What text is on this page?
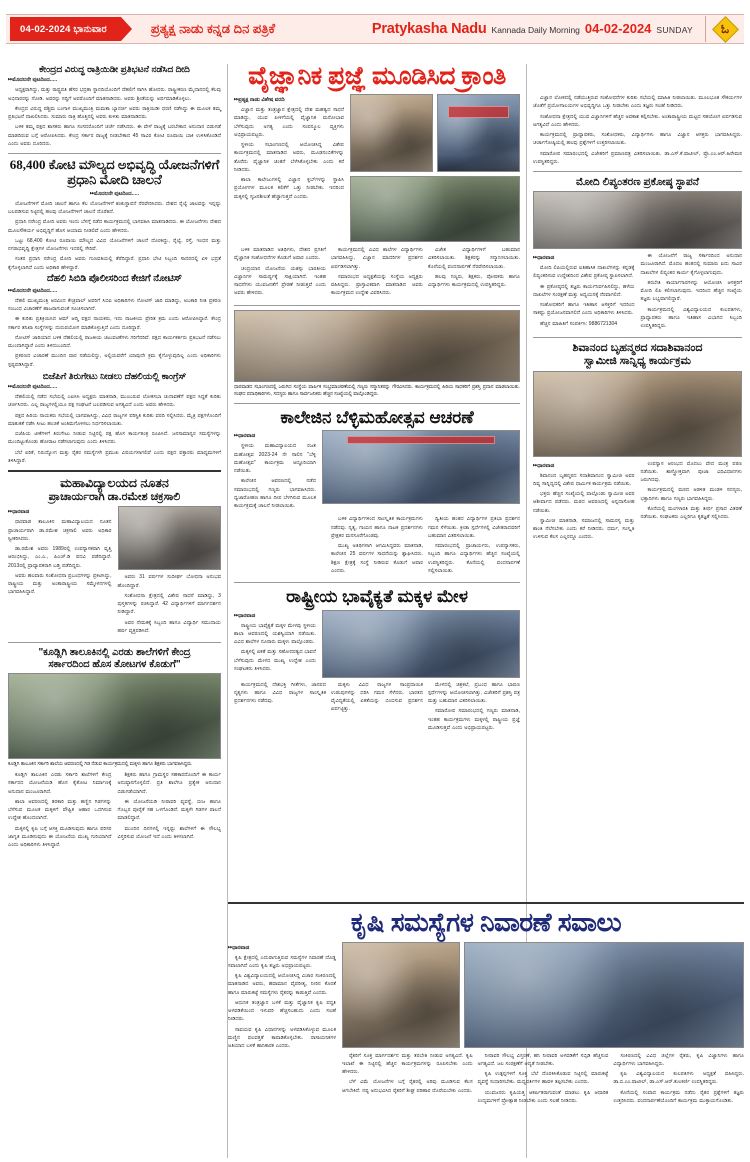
04-02-2024 ಭಾನುವಾರ	ಪ್ರತ್ಯಕ್ಷ ನಾಡು ಕನ್ನಡ ದಿನ ಪತ್ರಿಕೆ	Pratykasha Nadu Kannada Daily Morning 04-02-2024 SUNDAY ಓ
ಕೇಂದ್ರದ ವಿರುದ್ಧ ರಾತ್ರಿಯಿಡೀ ಪ್ರತಿಭಟನೆ ನಡೆಸಿದ ದೀದಿ
▸▸ ಮೊದಲನೇ ಪುಟದಿಂದ.....

ಅಧ್ಯಕ್ಷರಾಗಿದ್ದು, ಮತ್ತು ರಾಷ್ಟ್ರಪತಿ ಹೆಸರ ಭದ್ರತಾ ಸ್ಥಾನದಿಯೊಂದಿಗೆ ದೆಹಲಿಗೆ ಸಾಗಿಸಿ ಹೋದರು. ರಾಷ್ಟ್ರೀಕರಣ ಮೈದಾನದಲ್ಲಿ ಕೆಲವು ಅಭಿನಾರರನ್ನು ನೋಡಿ. ಅವರನ್ನು ಸದ್ದಿಗೆ ಅವರೊಂದಿಗೆ ಮಾತನಾಡಿದರು. ಅವರು ಶ್ರೀಡೆಯನ್ನು ಅರ್ಥಮಾಡಿಕೊಳ್ಳಲು.

ಕೇಂದ್ರದ ವಿರುದ್ಧ ಪಶ್ಚಿಮ ಬಂಗಾಳ ಮುಖ್ಯಮಂತ್ರಿ ಮಮತಾ ಬ್ಯಾನರ್ಜಿ ಅವರು ರಾತ್ರಿಯಿಡೀ ಧರಣಿ ನಡೆಸಿದ್ದು ಈ ಮೂಲಕ ತಮ್ಮ ಪ್ರತಿಭಟನೆ ದಾಖಲಿಸಿದರು. ಸುಮಾರು ರಾತ್ರಿ ಹೊತ್ತಿನಲ್ಲಿ ಅವರು ಕುಳಿತು ಮಾತನಾಡಿದರು.

ಬಳಿಕ ತಮ್ಮ ಪಕ್ಷದ ಶಾಸಕರು ಹಾಗೂ ಸಂಸದರೊಂದಿಗೆ ಚರ್ಚೆ ನಡೆಸಿದರು. ಈ ವೇಳೆ ರಾಜ್ಯಕ್ಕೆ ಬರಬೇಕಾದ ಅನುದಾನ ಬಿಡುಗಡೆ ಮಾಡದಿರುವ ಬಗ್ಗೆ ಆರೋಪಿಸಿದರು. ಕೇಂದ್ರ ಸರ್ಕಾರ ರಾಜ್ಯಕ್ಕೆ ನೀಡಬೇಕಾದ 45 ಸಾವಿರ ಕೋಟಿ ರೂಪಾಯಿ ಬಾಕಿ ಉಳಿಸಿಕೊಂಡಿದೆ ಎಂದು ಅವರು ದೂರಿದರು.

68,400 ಕೋಟಿ ಮೌಲ್ಯದ ಅಭಿವೃದ್ಧಿ ಯೋಜನೆಗಳಿಗೆ ಪ್ರಧಾನಿ ಮೋದಿ ಚಾಲನೆ
▸▸ ಮೊದಲನೇ ಪುಟದಿಂದ.....

ಯೋಜನೆಗಳಿಗೆ ಮೋದಿ ಚಾಲನೆ ಹಾಗೂ ಕೆಲ ಯೋಜನೆಗಳಿಗೆ ಶಂಕುಸ್ಥಾಪನೆ ನೆರವೇರಿಸಿದರು. ದೇಶದ ರೈಲ್ವೆ ಜಾಲವನ್ನು ಇನ್ನಷ್ಟು ಬಲಪಡಿಸುವ ನಿಟ್ಟಿನಲ್ಲಿ ಹಲವು ಯೋಜನೆಗಳಿಗೆ ಚಾಲನೆ ದೊರೆತಿದೆ.

ಪ್ರಧಾನಿ ನರೇಂದ್ರ ಮೋದಿ ಅವರು ಇಂದು ಬೆಳಗ್ಗೆ ನಡೆದ ಕಾರ್ಯಕ್ರಮದಲ್ಲಿ ಭಾಗವಹಿಸಿ ಮಾತನಾಡಿದರು. ಈ ಯೋಜನೆಗಳು ದೇಶದ ಮೂಲಸೌಕರ್ಯ ಅಭಿವೃದ್ಧಿಗೆ ಹೊಸ ಆಯಾಮ ನೀಡಲಿವೆ ಎಂದು ಹೇಳಿದರು.

ಒಟ್ಟು 68,400 ಕೋಟಿ ರೂಪಾಯಿ ಮೌಲ್ಯದ ವಿವಿಧ ಯೋಜನೆಗಳಿಗೆ ಚಾಲನೆ ದೊರಕಿದ್ದು, ರೈಲ್ವೆ, ರಸ್ತೆ, ಇಂಧನ ಮತ್ತು ನಗರಾಭಿವೃದ್ಧಿ ಕ್ಷೇತ್ರಗಳ ಯೋಜನೆಗಳು ಇದರಲ್ಲಿ ಸೇರಿವೆ.

ಸಂತರ ಪ್ರಧಾನಿ ನರೇಂದ್ರ ಮೋದಿ ಅವರು ಗುಣವತಿಯಲ್ಲಿ ತೆರೆದಿದ್ದಾರೆ. ಪ್ರಧಾನಿ ಭೇಟಿ ಸಿಬ್ಬಂದಿ ಸಾದರದಲ್ಲಿ ಏಳಿ ಭದ್ರತೆ ಕೈಗೊಳ್ಳಲಾಗಿದೆ ಎಂದು ಅಧಿಕಾರಿ ಹೇಳಿದ್ದಾರೆ.

ದೆಹಲಿ ಸಿಬಿಡಿ ಪೊಲೀಸರಿಂದ ಕೇಜಿಗೆ ನೋಟಿಸ್
▸▸ ಮೊದಲನೇ ಪುಟದಿಂದ.....

ದೆಹಲಿ ಮುಖ್ಯಮಂತ್ರಿ ಅರವಿಂದ ಕೇಜ್ರಿವಾಲ್ ಅವರಿಗೆ ಸಿಬಿಐ ಅಧಿಕಾರಿಗಳು ನೋಟಿಸ್ ಜಾರಿ ಮಾಡಿದ್ದು, ಅಬಕಾರಿ ನೀತಿ ಪ್ರಕರಣ ಸಂಬಂಧ ವಿಚಾರಣೆಗೆ ಹಾಜರಾಗುವಂತೆ ಸೂಚಿಸಲಾಗಿದೆ.

ಈ ಕುರಿತು ಪ್ರತಿಕ್ರಿಯಿಸಿದ ಆಮ್ ಆದ್ಮಿ ಪಕ್ಷದ ನಾಯಕರು, ಇದು ರಾಜಕೀಯ ಪ್ರೇರಿತ ಕ್ರಮ ಎಂದು ಆರೋಪಿಸಿದ್ದಾರೆ. ಕೇಂದ್ರ ಸರ್ಕಾರ ತನಿಖಾ ಸಂಸ್ಥೆಗಳನ್ನು ದುರುಪಯೋಗ ಮಾಡಿಕೊಳ್ಳುತ್ತಿದೆ ಎಂದು ದೂರಿದ್ದಾರೆ.

ನೋಟಿಸ್ ಜಾರಿಯಾದ ಬಳಿಕ ದೆಹಲಿಯಲ್ಲಿ ರಾಜಕೀಯ ಚಟುವಟಿಕೆಗಳು ಗರಿಗೆದರಿವೆ. ಪಕ್ಷದ ಕಾರ್ಯಕರ್ತರು ಪ್ರತಿಭಟನೆ ನಡೆಸಲು ಮುಂದಾಗಿದ್ದಾರೆ ಎಂದು ತಿಳಿದುಬಂದಿದೆ.

ಪ್ರಕರಣದ ವಿಚಾರಣೆ ಮುಂದಿನ ವಾರ ನಡೆಯಲಿದ್ದು, ಅಲ್ಲಿಯವರೆಗೆ ಯಾವುದೇ ಕ್ರಮ ಕೈಗೊಳ್ಳುವುದಿಲ್ಲ ಎಂದು ಅಧಿಕಾರಿಗಳು ಸ್ಪಷ್ಟಪಡಿಸಿದ್ದಾರೆ.

ಬಿಜೆಪಿಗೆ ತಿರುಗೇಟು ನೀಡಲು ದೆಹಲಿಯಲ್ಲಿ ಕಾಂಗ್ರೆಸ್
▸▸ ಮೊದಲನೇ ಪುಟದಿಂದ.....

ದೆಹಲಿಯಲ್ಲಿ ನಡೆದ ಸಭೆಯಲ್ಲಿ ಎಐಸಿಸಿ ಅಧ್ಯಕ್ಷರು ಮಾತನಾಡಿ, ಮುಂಬರುವ ಲೋಕಸಭಾ ಚುನಾವಣೆಗೆ ಪಕ್ಷದ ಸಿದ್ಧತೆ ಕುರಿತು ಚರ್ಚಿಸಿದರು. ಎಲ್ಲ ರಾಜ್ಯಗಳಲ್ಲಿಯೂ ಪಕ್ಷ ಸಂಘಟನೆ ಬಲಪಡಿಸುವ ಅಗತ್ಯವಿದೆ ಎಂದು ಅವರು ಹೇಳಿದರು.

ಪಕ್ಷದ ಹಿರಿಯ ನಾಯಕರು ಸಭೆಯಲ್ಲಿ ಭಾಗವಹಿಸಿದ್ದು, ವಿವಿಧ ರಾಜ್ಯಗಳ ಪರಿಸ್ಥಿತಿ ಕುರಿತು ವರದಿ ಸಲ್ಲಿಸಿದರು. ಮೈತ್ರಿ ಪಕ್ಷಗಳೊಂದಿಗೆ ಮಾತುಕತೆ ನಡೆಸಿ ಸೀಟು ಹಂಚಿಕೆ ಅಂತಿಮಗೊಳಿಸಲು ನಿರ್ಧರಿಸಲಾಯಿತು.

ಬಿಜೆಪಿಯ ಟೀಕೆಗಳಿಗೆ ತಿರುಗೇಟು ನೀಡುವ ನಿಟ್ಟಿನಲ್ಲಿ ಪಕ್ಷ ಹೊಸ ಕಾರ್ಯತಂತ್ರ ರೂಪಿಸಿದೆ. ಜನಸಾಮಾನ್ಯರ ಸಮಸ್ಯೆಗಳನ್ನು ಮುಂದಿಟ್ಟುಕೊಂಡು ಹೋರಾಟ ನಡೆಸಲಾಗುವುದು ಎಂದು ತಿಳಿಸಿದರು.

ಬೆಲೆ ಏರಿಕೆ, ನಿರುದ್ಯೋಗ ಮತ್ತು ರೈತರ ಸಮಸ್ಯೆಗಳೇ ಪ್ರಮುಖ ವಿಷಯಗಳಾಗಲಿವೆ ಎಂದು ಪಕ್ಷದ ವಕ್ತಾರರು ಮಾಧ್ಯಮಗಳಿಗೆ ತಿಳಿಸಿದ್ದಾರೆ.

ಮಹಾವಿದ್ಯಾಲಯದ ನೂತನ
ಪ್ರಾಚಾರ್ಯರಾಗಿ ಡಾ.ರಮೇಶ ಚಕ್ರಸಾಲಿ
▸▸ ಧಾರವಾಡ

ಧಾರವಾಡ ತಾಲೂಕಿನ ಮಹಾವಿದ್ಯಾಲಯದ ನೂತನ ಪ್ರಾಚಾರ್ಯರಾಗಿ ಡಾ.ರಮೇಶ ಚಕ್ರಸಾಲಿ ಅವರು ಅಧಿಕಾರ ಸ್ವೀಕರಿಸಿದರು.

ಡಾ.ರಮೇಶ ಅವರು 1989ರಲ್ಲಿ ಉಪನ್ಯಾಸಕರಾಗಿ ವೃತ್ತಿ ಆರಂಭಿಸಿದ್ದು, ಎಂ.ಎ., ಪಿಎಚ್.ಡಿ ಪದವಿ ಪಡೆದಿದ್ದಾರೆ. 2013ರಲ್ಲಿ ಪ್ರಾಧ್ಯಾಪಕರಾಗಿ ಬಡ್ತಿ ಪಡೆದಿದ್ದರು.

ಅವರು ಹಲವಾರು ಸಂಶೋಧನಾ ಪ್ರಬಂಧಗಳನ್ನು ಪ್ರಕಟಿಸಿದ್ದು, ರಾಷ್ಟ್ರೀಯ ಮತ್ತು ಅಂತಾರಾಷ್ಟ್ರೀಯ ಸಮ್ಮೇಳನಗಳಲ್ಲಿ ಭಾಗವಹಿಸಿದ್ದಾರೆ.

ಅವರು 31 ವರ್ಷಗಳ ಸುದೀರ್ಘ ಬೋಧನಾ ಅನುಭವ ಹೊಂದಿದ್ದಾರೆ.

ಸಂಶೋಧನಾ ಕ್ಷೇತ್ರದಲ್ಲಿ ವಿಶೇಷ ಸಾಧನೆ ಮಾಡಿದ್ದು, 3 ಪುಸ್ತಕಗಳನ್ನು ರಚಿಸಿದ್ದಾರೆ. 42 ವಿದ್ಯಾರ್ಥಿಗಳಿಗೆ ಮಾರ್ಗದರ್ಶನ ನೀಡಿದ್ದಾರೆ.

ಅವರ ನೇಮಕಕ್ಕೆ ಸಿಬ್ಬಂದಿ ಹಾಗೂ ವಿದ್ಯಾರ್ಥಿ ಸಮುದಾಯ ಹರ್ಷ ವ್ಯಕ್ತಪಡಿಸಿದೆ.

"ಕೂಡ್ಲಿಗಿ ತಾಲೂಕಿನಲ್ಲಿ ಎರಡು ಶಾಲೆಗಳಿಗೆ ಕೇಂದ್ರ
ಸರ್ಕಾರದಿಂದ ಹೊಸ ತೋಟಗಳ ಕೊಡುಗೆ"
ಕೂಡ್ಲಿಗಿ ತಾಲೂಕಿನ ಸರ್ಕಾರಿ ಶಾಲೆಯ ಆವರಣದಲ್ಲಿ ಗಿಡ ನೆಡುವ ಕಾರ್ಯಕ್ರಮದಲ್ಲಿ ಮಕ್ಕಳು ಹಾಗೂ ಶಿಕ್ಷಕರು ಭಾಗವಹಿಸಿದ್ದರು.

ಕೂಡ್ಲಿಗಿ ತಾಲೂಕಿನ ಎರಡು ಸರ್ಕಾರಿ ಶಾಲೆಗಳಿಗೆ ಕೇಂದ್ರ ಸರ್ಕಾರದ ಯೋಜನೆಯಡಿ ಹೊಸ ಕೈತೋಟ ನಿರ್ಮಾಣಕ್ಕೆ ಅನುದಾನ ಮಂಜೂರಾಗಿದೆ.

ಶಾಲಾ ಆವರಣದಲ್ಲಿ ತರಕಾರಿ ಮತ್ತು ಹಣ್ಣಿನ ಗಿಡಗಳನ್ನು ಬೆಳೆಸುವ ಮೂಲಕ ಮಕ್ಕಳಿಗೆ ಪೌಷ್ಟಿಕ ಆಹಾರ ಒದಗಿಸುವ ಉದ್ದೇಶ ಹೊಂದಲಾಗಿದೆ.

ಮಕ್ಕಳಲ್ಲಿ ಕೃಷಿ ಬಗ್ಗೆ ಆಸಕ್ತಿ ಮೂಡಿಸುವುದು ಹಾಗೂ ಪರಿಸರ ಜಾಗೃತಿ ಮೂಡಿಸುವುದು ಈ ಯೋಜನೆಯ ಮುಖ್ಯ ಗುರಿಯಾಗಿದೆ ಎಂದು ಅಧಿಕಾರಿಗಳು ತಿಳಿಸಿದ್ದಾರೆ.

ಶಿಕ್ಷಕರು ಹಾಗೂ ಗ್ರಾಮಸ್ಥರ ಸಹಕಾರದೊಂದಿಗೆ ಈ ಕಾರ್ಯ ಅನುಷ್ಠಾನಗೊಳ್ಳಲಿದೆ. ಪ್ರತಿ ಶಾಲೆಗೂ ಪ್ರತ್ಯೇಕ ಅನುದಾನ ಬಿಡುಗಡೆಯಾಗಿದೆ.

ಈ ಯೋಜನೆಯಡಿ ನೀರಾವರಿ ವ್ಯವಸ್ಥೆ, ಬೀಜ ಹಾಗೂ ಗೊಬ್ಬರ ಪೂರೈಕೆ ಸಹ ಒಳಗೊಂಡಿದೆ. ಮಕ್ಕಳೇ ಗಿಡಗಳ ಪಾಲನೆ ಮಾಡಲಿದ್ದಾರೆ.

ಮುಂದಿನ ದಿನಗಳಲ್ಲಿ ಇನ್ನಷ್ಟು ಶಾಲೆಗಳಿಗೆ ಈ ಸೌಲಭ್ಯ ವಿಸ್ತರಿಸುವ ಯೋಜನೆ ಇದೆ ಎಂದು ತಿಳಿಸಲಾಗಿದೆ.

ವೈಜ್ಞಾನಿಕ ಪ್ರಜ್ಞೆ ಮೂಡಿಸಿದ ಕ್ರಾಂತಿ
▸▸ ಪ್ರತ್ಯಕ್ಷ ನಾಡು ವಿಶೇಷ ವರದಿ

ವಿಜ್ಞಾನ ಮತ್ತು ತಂತ್ರಜ್ಞಾನ ಕ್ಷೇತ್ರದಲ್ಲಿ ದೇಶ ಮಹತ್ವದ ಸಾಧನೆ ಮಾಡಿದ್ದು, ಯುವ ಪೀಳಿಗೆಯಲ್ಲಿ ವೈಜ್ಞಾನಿಕ ಮನೋಭಾವ ಬೆಳೆಸುವುದು ಅಗತ್ಯ ಎಂದು ಸಂಪನ್ಮೂಲ ವ್ಯಕ್ತಿಗಳು ಅಭಿಪ್ರಾಯಪಟ್ಟರು.

ಸ್ಥಳೀಯ ಸಭಾಂಗಣದಲ್ಲಿ ಆಯೋಜಿಸಿದ್ದ ವಿಶೇಷ ಕಾರ್ಯಕ್ರಮದಲ್ಲಿ ಮಾತನಾಡಿದ ಅವರು, ಮೂಢನಂಬಿಕೆಗಳನ್ನು ತೊರೆದು ವೈಜ್ಞಾನಿಕ ಚಿಂತನೆ ಬೆಳೆಸಿಕೊಳ್ಳಬೇಕು ಎಂದು ಕರೆ ನೀಡಿದರು.

ಶಾಲಾ ಕಾಲೇಜುಗಳಲ್ಲಿ ವಿಜ್ಞಾನ ಕ್ಲಬ್‌ಗಳನ್ನು ಸ್ಥಾಪಿಸಿ ಪ್ರಯೋಗಗಳ ಮೂಲಕ ಕಲಿಕೆಗೆ ಒತ್ತು ನೀಡಬೇಕು. ಇದರಿಂದ ಮಕ್ಕಳಲ್ಲಿ ಸೃಜನಶೀಲತೆ ಹೆಚ್ಚಾಗುತ್ತದೆ ಎಂದರು.

ಬಳಿಕ ಮಾತನಾಡಿದ ಅತಿಥಿಗಳು, ದೇಶದ ಪ್ರಗತಿಗೆ ವೈಜ್ಞಾನಿಕ ಸಂಶೋಧನೆಗಳ ಕೊಡುಗೆ ಅಪಾರ ಎಂದರು.

ಚಂದ್ರಯಾನ ಯೋಜನೆಯ ಯಶಸ್ಸು ಭಾರತೀಯ ವಿಜ್ಞಾನಿಗಳ ಸಾಮರ್ಥ್ಯಕ್ಕೆ ಸಾಕ್ಷಿಯಾಗಿದೆ. ಇಂತಹ ಸಾಧನೆಗಳು ಯುವಜನತೆಗೆ ಪ್ರೇರಣೆ ನೀಡುತ್ತವೆ ಎಂದು ಅವರು ಹೇಳಿದರು.

ಕಾರ್ಯಕ್ರಮದಲ್ಲಿ ವಿವಿಧ ಶಾಲೆಗಳ ವಿದ್ಯಾರ್ಥಿಗಳು ಭಾಗವಹಿಸಿದ್ದು, ವಿಜ್ಞಾನ ಮಾದರಿಗಳ ಪ್ರದರ್ಶನ ಏರ್ಪಡಿಸಲಾಗಿತ್ತು.

ಸಮಾರಂಭದ ಅಧ್ಯಕ್ಷತೆಯನ್ನು ಸಂಸ್ಥೆಯ ಅಧ್ಯಕ್ಷರು ವಹಿಸಿದ್ದರು. ಪ್ರಾಸ್ತಾವಿಕವಾಗಿ ಮಾತನಾಡಿದ ಅವರು ಕಾರ್ಯಕ್ರಮದ ಉದ್ದೇಶ ವಿವರಿಸಿದರು.

ವಿಜೇತ ವಿದ್ಯಾರ್ಥಿಗಳಿಗೆ ಬಹುಮಾನ ವಿತರಿಸಲಾಯಿತು. ಶಿಕ್ಷಕರನ್ನು ಸನ್ಮಾನಿಸಲಾಯಿತು. ಕೊನೆಯಲ್ಲಿ ವಂದನಾರ್ಪಣೆ ನೆರವೇರಿಸಲಾಯಿತು.

ಹಲವು ಗಣ್ಯರು, ಶಿಕ್ಷಕರು, ಪೋಷಕರು ಹಾಗೂ ವಿದ್ಯಾರ್ಥಿಗಳು ಕಾರ್ಯಕ್ರಮದಲ್ಲಿ ಉಪಸ್ಥಿತರಿದ್ದರು.

ಧಾರವಾಡದ ಸಭಾಂಗಣದಲ್ಲಿ ಜರುಗಿದ ಸಂಸ್ಥೆಯ ವಾರ್ಷಿಕ ಸಂಭ್ರಮಾಚರಣೆಯಲ್ಲಿ ಗಣ್ಯರು ಸನ್ಮಾನಿತರನ್ನು ಗೌರವಿಸಿದರು. ಕಾರ್ಯಕ್ರಮದಲ್ಲಿ ಹಿರಿಯ ಸಾಧಕರಿಗೆ ಪ್ರಶಸ್ತಿ ಪ್ರದಾನ ಮಾಡಲಾಯಿತು. ಸಂಘದ ಪದಾಧಿಕಾರಿಗಳು, ಸದಸ್ಯರು ಹಾಗೂ ಸಾರ್ವಜನಿಕರು ಹೆಚ್ಚಿನ ಸಂಖ್ಯೆಯಲ್ಲಿ ಪಾಲ್ಗೊಂಡಿದ್ದರು.
ಕಾಲೇಜಿನ ಬೆಳ್ಳಿಮಹೋತ್ಸವ ಆಚರಣೆ
▸▸ ಧಾರವಾಡ

ಸ್ಥಳೀಯ ಮಹಾವಿದ್ಯಾಲಯದ ರಜತ ಮಹೋತ್ಸವ 2023-24 ನೇ ಸಾಲಿನ "ಬೆಳ್ಳಿ ಮಹೋತ್ಸವ" ಕಾರ್ಯಕ್ರಮ ಅದ್ಧೂರಿಯಾಗಿ ನಡೆಯಿತು.

ಕಾಲೇಜಿನ ಆವರಣದಲ್ಲಿ ನಡೆದ ಸಮಾರಂಭದಲ್ಲಿ ಗಣ್ಯರು ಭಾಗವಹಿಸಿದರು. ಧ್ವಜಾರೋಹಣ ಹಾಗೂ ದೀಪ ಬೆಳಗಿಸುವ ಮೂಲಕ ಕಾರ್ಯಕ್ರಮಕ್ಕೆ ಚಾಲನೆ ನೀಡಲಾಯಿತು.

ಬಳಿಕ ವಿದ್ಯಾರ್ಥಿಗಳಿಂದ ಸಾಂಸ್ಕೃತಿಕ ಕಾರ್ಯಕ್ರಮಗಳು ನಡೆದವು. ನೃತ್ಯ, ಗಾಯನ ಹಾಗೂ ನಾಟಕ ಪ್ರದರ್ಶನಗಳು ಪ್ರೇಕ್ಷಕರ ಮನಸೂರೆಗೊಂಡವು.

ಮುಖ್ಯ ಅತಿಥಿಗಳಾಗಿ ಆಗಮಿಸಿದ್ದವರು ಮಾತನಾಡಿ, ಕಾಲೇಜಿನ 25 ವರ್ಷಗಳ ಸಾಧನೆಯನ್ನು ಶ್ಲಾಘಿಸಿದರು. ಶಿಕ್ಷಣ ಕ್ಷೇತ್ರಕ್ಕೆ ಸಂಸ್ಥೆ ನೀಡಿರುವ ಕೊಡುಗೆ ಅಪಾರ ಎಂದರು.

ದ್ವಿತೀಯ ಹಂತದ ವಿದ್ಯಾರ್ಥಿಗಳ ಪ್ರತಿಭಾ ಪ್ರದರ್ಶನ ಗಮನ ಸೆಳೆಯಿತು. ಕ್ರೀಡಾ ಸ್ಪರ್ಧೆಗಳಲ್ಲಿ ವಿಜೇತರಾದವರಿಗೆ ಬಹುಮಾನ ವಿತರಿಸಲಾಯಿತು.

ಸಮಾರಂಭದಲ್ಲಿ ಪ್ರಾಚಾರ್ಯರು, ಉಪನ್ಯಾಸಕರು, ಸಿಬ್ಬಂದಿ ಹಾಗೂ ವಿದ್ಯಾರ್ಥಿಗಳು ಹೆಚ್ಚಿನ ಸಂಖ್ಯೆಯಲ್ಲಿ ಉಪಸ್ಥಿತರಿದ್ದರು. ಕೊನೆಯಲ್ಲಿ ವಂದನಾರ್ಪಣೆ ಸಲ್ಲಿಸಲಾಯಿತು.

ರಾಷ್ಟ್ರೀಯ ಭಾವೈಕ್ಯತೆ ಮಕ್ಕಳ ಮೇಳ
▸▸ ಧಾರವಾಡ

ರಾಷ್ಟ್ರೀಯ ಭಾವೈಕ್ಯತೆ ಮಕ್ಕಳ ಮೇಳವು ಸ್ಥಳೀಯ ಶಾಲಾ ಆವರಣದಲ್ಲಿ ಯಶಸ್ವಿಯಾಗಿ ನಡೆಯಿತು. ವಿವಿಧ ಶಾಲೆಗಳ ನೂರಾರು ಮಕ್ಕಳು ಪಾಲ್ಗೊಂಡರು.

ಮಕ್ಕಳಲ್ಲಿ ಏಕತೆ ಮತ್ತು ಸಹೋದರತ್ವದ ಭಾವನೆ ಬೆಳೆಸುವುದು ಮೇಳದ ಮುಖ್ಯ ಉದ್ದೇಶ ಎಂದು ಸಂಘಟಕರು ತಿಳಿಸಿದರು.

ಕಾರ್ಯಕ್ರಮದಲ್ಲಿ ದೇಶಭಕ್ತಿ ಗೀತೆಗಳು, ಜಾನಪದ ನೃತ್ಯಗಳು ಹಾಗೂ ವಿವಿಧ ರಾಜ್ಯಗಳ ಸಾಂಸ್ಕೃತಿಕ ಪ್ರದರ್ಶನಗಳು ನಡೆದವು.

ಮಕ್ಕಳು ವಿವಿಧ ರಾಜ್ಯಗಳ ಸಾಂಪ್ರದಾಯಿಕ ಉಡುಪುಗಳನ್ನು ಧರಿಸಿ ಗಮನ ಸೆಳೆದರು. ಭಾರತದ ವೈವಿಧ್ಯತೆಯಲ್ಲಿ ಏಕತೆಯನ್ನು ಬಿಂಬಿಸುವ ಪ್ರದರ್ಶನ ಏರ್ಪಟ್ಟಿತ್ತು.

ಮೇಳದಲ್ಲಿ ಚಿತ್ರಕಲೆ, ಪ್ರಬಂಧ ಹಾಗೂ ಭಾಷಣ ಸ್ಪರ್ಧೆಗಳನ್ನು ಆಯೋಜಿಸಲಾಗಿತ್ತು. ವಿಜೇತರಿಗೆ ಪ್ರಶಸ್ತಿ ಪತ್ರ ಮತ್ತು ಬಹುಮಾನ ವಿತರಿಸಲಾಯಿತು.

ಸಮಾರೋಪ ಸಮಾರಂಭದಲ್ಲಿ ಗಣ್ಯರು ಮಾತನಾಡಿ, ಇಂತಹ ಕಾರ್ಯಕ್ರಮಗಳು ಮಕ್ಕಳಲ್ಲಿ ರಾಷ್ಟ್ರೀಯ ಪ್ರಜ್ಞೆ ಮೂಡಿಸುತ್ತವೆ ಎಂದು ಅಭಿಪ್ರಾಯಪಟ್ಟರು.

ವಿಜ್ಞಾನ ಲೋಕದಲ್ಲಿ ನಡೆಯುತ್ತಿರುವ ಸಂಶೋಧನೆಗಳ ಕುರಿತು ಸಭೆಯಲ್ಲಿ ಮಾಹಿತಿ ನೀಡಲಾಯಿತು. ಮೂಲಭೂತ ಸೌಕರ್ಯಗಳ ಜೊತೆಗೆ ಪ್ರಯೋಗಾಲಯಗಳ ಅಭಿವೃದ್ಧಿಗೂ ಒತ್ತು ನೀಡಬೇಕು ಎಂದು ತಜ್ಞರು ಸಲಹೆ ನೀಡಿದರು.

ಸಂಶೋಧನಾ ಕ್ಷೇತ್ರದಲ್ಲಿ ಯುವ ವಿಜ್ಞಾನಿಗಳಿಗೆ ಹೆಚ್ಚಿನ ಅವಕಾಶ ಕಲ್ಪಿಸಬೇಕು. ಅಂತಾರಾಷ್ಟ್ರೀಯ ಮಟ್ಟದ ಸಹಯೋಗ ಏರ್ಪಡಿಸುವ ಅಗತ್ಯವಿದೆ ಎಂದು ಹೇಳಿದರು.

ಕಾರ್ಯಕ್ರಮದಲ್ಲಿ ಪ್ರಾಧ್ಯಾಪಕರು, ಸಂಶೋಧಕರು, ವಿದ್ಯಾರ್ಥಿಗಳು ಹಾಗೂ ವಿಜ್ಞಾನ ಆಸಕ್ತರು ಭಾಗವಹಿಸಿದ್ದರು. ಚರ್ಚಾಗೋಷ್ಠಿಯಲ್ಲಿ ಹಲವು ಪ್ರಶ್ನೆಗಳಿಗೆ ಉತ್ತರಿಸಲಾಯಿತು.

ಸಮಾರೋಪ ಸಮಾರಂಭದಲ್ಲಿ ವಿಜೇತರಿಗೆ ಪ್ರಮಾಣಪತ್ರ ವಿತರಿಸಲಾಯಿತು. ಡಾ.ಎಸ್.ಕೆ.ಪಾಟೀಲ್, ಪ್ರೊ.ಎಂ.ಆರ್.ಹಿರೇಮಠ ಉಪಸ್ಥಿತರಿದ್ದರು.

ಮೋದಿ ಲಿಪ್ಯಂತರಣ ಪ್ರಕೋಷ್ಠ ಸ್ಥಾಪನೆ
▸▸ ಧಾರವಾಡ

ಮೋದಿ ಲಿಪಿಯಲ್ಲಿರುವ ಐತಿಹಾಸಿಕ ದಾಖಲೆಗಳನ್ನು ಕನ್ನಡಕ್ಕೆ ಲಿಪ್ಯಂತರಿಸುವ ಉದ್ದೇಶದಿಂದ ವಿಶೇಷ ಪ್ರಕೋಷ್ಠ ಸ್ಥಾಪಿಸಲಾಗಿದೆ.

ಈ ಪ್ರಕೋಷ್ಠದಲ್ಲಿ ತಜ್ಞರು ಕಾರ್ಯನಿರ್ವಹಿಸಲಿದ್ದು, ಹಳೆಯ ದಾಖಲೆಗಳ ಸಂರಕ್ಷಣೆ ಮತ್ತು ಅಧ್ಯಯನಕ್ಕೆ ನೆರವಾಗಲಿದೆ.

ಸಂಶೋಧಕರಿಗೆ ಹಾಗೂ ಇತಿಹಾಸ ಆಸಕ್ತರಿಗೆ ಇದರಿಂದ ಸಾಕಷ್ಟು ಪ್ರಯೋಜನವಾಗಲಿದೆ ಎಂದು ಅಧಿಕಾರಿಗಳು ತಿಳಿಸಿದರು.

ಹೆಚ್ಚಿನ ಮಾಹಿತಿಗೆ ಸಂಪರ್ಕಿಸಿ: 9886721304

ಈ ಯೋಜನೆಗೆ ರಾಜ್ಯ ಸರ್ಕಾರದಿಂದ ಅನುದಾನ ಮಂಜೂರಾಗಿದೆ. ಮೊದಲ ಹಂತದಲ್ಲಿ ಸುಮಾರು ಐದು ಸಾವಿರ ದಾಖಲೆಗಳ ಲಿಪ್ಯಂತರ ಕಾರ್ಯ ಕೈಗೊಳ್ಳಲಾಗುವುದು.

ತರಬೇತಿ ಕಾರ್ಯಾಗಾರಗಳನ್ನು ಆಯೋಜಿಸಿ ಆಸಕ್ತರಿಗೆ ಮೋದಿ ಲಿಪಿ ಕಲಿಸಲಾಗುವುದು. ಇದರಿಂದ ಹೆಚ್ಚಿನ ಸಂಖ್ಯೆಯ ತಜ್ಞರು ಲಭ್ಯವಾಗಲಿದ್ದಾರೆ.

ಕಾರ್ಯಕ್ರಮದಲ್ಲಿ ವಿಶ್ವವಿದ್ಯಾಲಯದ ಕುಲಪತಿಗಳು, ಪ್ರಾಧ್ಯಾಪಕರು ಹಾಗೂ ಇತಿಹಾಸ ವಿಭಾಗದ ಸಿಬ್ಬಂದಿ ಉಪಸ್ಥಿತರಿದ್ದರು.

ಶಿವಾನಂದ ಬೃಹನ್ಮಠದ ಸದಾಶಿವಾನಂದ
ಸ್ವಾಮೀಜಿ ಸಾನ್ನಿಧ್ಯ ಕಾರ್ಯಕ್ರಮ
▸▸ ಧಾರವಾಡ

ಶಿವಾನಂದ ಬೃಹನ್ಮಠದ ಸದಾಶಿವಾನಂದ ಸ್ವಾಮೀಜಿ ಅವರ ದಿವ್ಯ ಸಾನ್ನಿಧ್ಯದಲ್ಲಿ ವಿಶೇಷ ಧಾರ್ಮಿಕ ಕಾರ್ಯಕ್ರಮ ನಡೆಯಿತು.

ಭಕ್ತರು ಹೆಚ್ಚಿನ ಸಂಖ್ಯೆಯಲ್ಲಿ ಪಾಲ್ಗೊಂಡು ಸ್ವಾಮೀಜಿ ಅವರ ಆಶೀರ್ವಾದ ಪಡೆದರು. ಮಠದ ಆವರಣದಲ್ಲಿ ಅನ್ನದಾಸೋಹ ನಡೆಯಿತು.

ಸ್ವಾಮೀಜಿ ಮಾತನಾಡಿ, ಸಮಾಜದಲ್ಲಿ ಸಾಮರಸ್ಯ ಮತ್ತು ಶಾಂತಿ ನೆಲೆಸಬೇಕು ಎಂದು ಕರೆ ನೀಡಿದರು. ಧರ್ಮ, ಸಂಸ್ಕೃತಿ ಉಳಿಸುವ ಕೆಲಸ ಎಲ್ಲರದ್ದೂ ಎಂದರು.

ಉಪನ್ಯಾಸ ಆರಂಭದ ಮೊದಲು ವೇದ ಮಂತ್ರ ಪಠಣ ನಡೆಯಿತು. ಶಾಸ್ತ್ರೋಕ್ತವಾಗಿ ಪೂಜಾ ವಿಧಿವಿಧಾನಗಳು ಜರುಗಿದವು.

ಕಾರ್ಯಕ್ರಮದಲ್ಲಿ ಮಠದ ಆಡಳಿತ ಮಂಡಳಿ ಸದಸ್ಯರು, ಭಕ್ತಾದಿಗಳು ಹಾಗೂ ಗಣ್ಯರು ಭಾಗವಹಿಸಿದ್ದರು.

ಕೊನೆಯಲ್ಲಿ ಮಂಗಳಾರತಿ ಮತ್ತು ತೀರ್ಥ ಪ್ರಸಾದ ವಿತರಣೆ ನಡೆಯಿತು. ಸಂಘಟಕರು ಎಲ್ಲರಿಗೂ ಕೃತಜ್ಞತೆ ಸಲ್ಲಿಸಿದರು.

ಕೃಷಿ ಸಮಸ್ಯೆಗಳ ನಿವಾರಣೆ ಸವಾಲು
▸▸ ಧಾರವಾಡ

ಕೃಷಿ ಕ್ಷೇತ್ರದಲ್ಲಿ ಎದುರಾಗುತ್ತಿರುವ ಸಮಸ್ಯೆಗಳ ನಿವಾರಣೆ ದೊಡ್ಡ ಸವಾಲಾಗಿದೆ ಎಂದು ಕೃಷಿ ತಜ್ಞರು ಅಭಿಪ್ರಾಯಪಟ್ಟರು.

ಕೃಷಿ ವಿಶ್ವವಿದ್ಯಾಲಯದಲ್ಲಿ ಆಯೋಜಿಸಿದ್ದ ವಿಚಾರ ಸಂಕಿರಣದಲ್ಲಿ ಮಾತನಾಡಿದ ಅವರು, ಹವಾಮಾನ ವೈಪರೀತ್ಯ, ನೀರಿನ ಕೊರತೆ ಹಾಗೂ ಮಾರುಕಟ್ಟೆ ಸಮಸ್ಯೆಗಳು ರೈತರನ್ನು ಕಾಡುತ್ತಿವೆ ಎಂದರು.

ಆಧುನಿಕ ತಂತ್ರಜ್ಞಾನ ಬಳಕೆ ಮತ್ತು ವೈಜ್ಞಾನಿಕ ಕೃಷಿ ಪದ್ಧತಿ ಅಳವಡಿಕೆಯಿಂದ ಇಳುವರಿ ಹೆಚ್ಚಿಸಬಹುದು ಎಂದು ಸಲಹೆ ನೀಡಿದರು.

ಸಾವಯವ ಕೃಷಿ ವಿಧಾನಗಳನ್ನು ಅಳವಡಿಸಿಕೊಳ್ಳುವ ಮೂಲಕ ಮಣ್ಣಿನ ಫಲವತ್ತತೆ ಕಾಪಾಡಿಕೊಳ್ಳಬೇಕು. ರಾಸಾಯನಿಕಗಳ ಅತಿಯಾದ ಬಳಕೆ ಹಾನಿಕಾರಕ ಎಂದರು.

ರೈತರಿಗೆ ಸೂಕ್ತ ಮಾರ್ಗದರ್ಶನ ಮತ್ತು ತರಬೇತಿ ನೀಡುವ ಅಗತ್ಯವಿದೆ. ಕೃಷಿ ಇಲಾಖೆ ಈ ನಿಟ್ಟಿನಲ್ಲಿ ಹೆಚ್ಚಿನ ಕಾರ್ಯಕ್ರಮಗಳನ್ನು ರೂಪಿಸಬೇಕು ಎಂದು ಹೇಳಿದರು.

ಬೆಳೆ ವಿಮೆ ಯೋಜನೆಗಳ ಬಗ್ಗೆ ರೈತರಲ್ಲಿ ಅರಿವು ಮೂಡಿಸುವ ಕೆಲಸ ಆಗಬೇಕಿದೆ. ನಷ್ಟ ಅನುಭವಿಸಿದ ರೈತರಿಗೆ ಶೀಘ್ರ ಪರಿಹಾರ ದೊರೆಯಬೇಕು ಎಂದರು.

ನೀರಾವರಿ ಸೌಲಭ್ಯ ವಿಸ್ತರಣೆ, ಹನಿ ನೀರಾವರಿ ಅಳವಡಿಕೆಗೆ ಸಬ್ಸಿಡಿ ಹೆಚ್ಚಿಸುವ ಅಗತ್ಯವಿದೆ. ಜಲ ಸಂರಕ್ಷಣೆಗೆ ಆದ್ಯತೆ ನೀಡಬೇಕು.

ಕೃಷಿ ಉತ್ಪನ್ನಗಳಿಗೆ ಸೂಕ್ತ ಬೆಲೆ ದೊರಕಿಸಿಕೊಡುವ ನಿಟ್ಟಿನಲ್ಲಿ ಮಾರುಕಟ್ಟೆ ವ್ಯವಸ್ಥೆ ಸುಧಾರಿಸಬೇಕು. ಮಧ್ಯವರ್ತಿಗಳ ಹಾವಳಿ ತಪ್ಪಿಸಬೇಕು ಎಂದರು.

ಯುವಜನರು ಕೃಷಿಯತ್ತ ಆಕರ್ಷಿತರಾಗುವಂತೆ ಮಾಡಲು ಕೃಷಿ ಆಧಾರಿತ ಉದ್ಯಮಗಳಿಗೆ ಪ್ರೋತ್ಸಾಹ ನೀಡಬೇಕು ಎಂದು ಸಲಹೆ ನೀಡಿದರು.

ಸಂಕಿರಣದಲ್ಲಿ ವಿವಿಧ ಜಿಲ್ಲೆಗಳ ರೈತರು, ಕೃಷಿ ವಿಜ್ಞಾನಿಗಳು ಹಾಗೂ ವಿದ್ಯಾರ್ಥಿಗಳು ಭಾಗವಹಿಸಿದ್ದರು.

ಕೃಷಿ ವಿಶ್ವವಿದ್ಯಾಲಯದ ಕುಲಪತಿಗಳು ಅಧ್ಯಕ್ಷತೆ ವಹಿಸಿದ್ದರು. ಡಾ.ಬಿ.ಎಂ.ಪಾಟೀಲ್, ಡಾ.ಎಸ್.ಆರ್.ಕುಲಕರ್ಣಿ ಉಪಸ್ಥಿತರಿದ್ದರು.

ಕೊನೆಯಲ್ಲಿ ಸಂವಾದ ಕಾರ್ಯಕ್ರಮ ನಡೆದು ರೈತರ ಪ್ರಶ್ನೆಗಳಿಗೆ ತಜ್ಞರು ಉತ್ತರಿಸಿದರು. ವಂದನಾರ್ಪಣೆಯೊಂದಿಗೆ ಕಾರ್ಯಕ್ರಮ ಮುಕ್ತಾಯಗೊಂಡಿತು.
